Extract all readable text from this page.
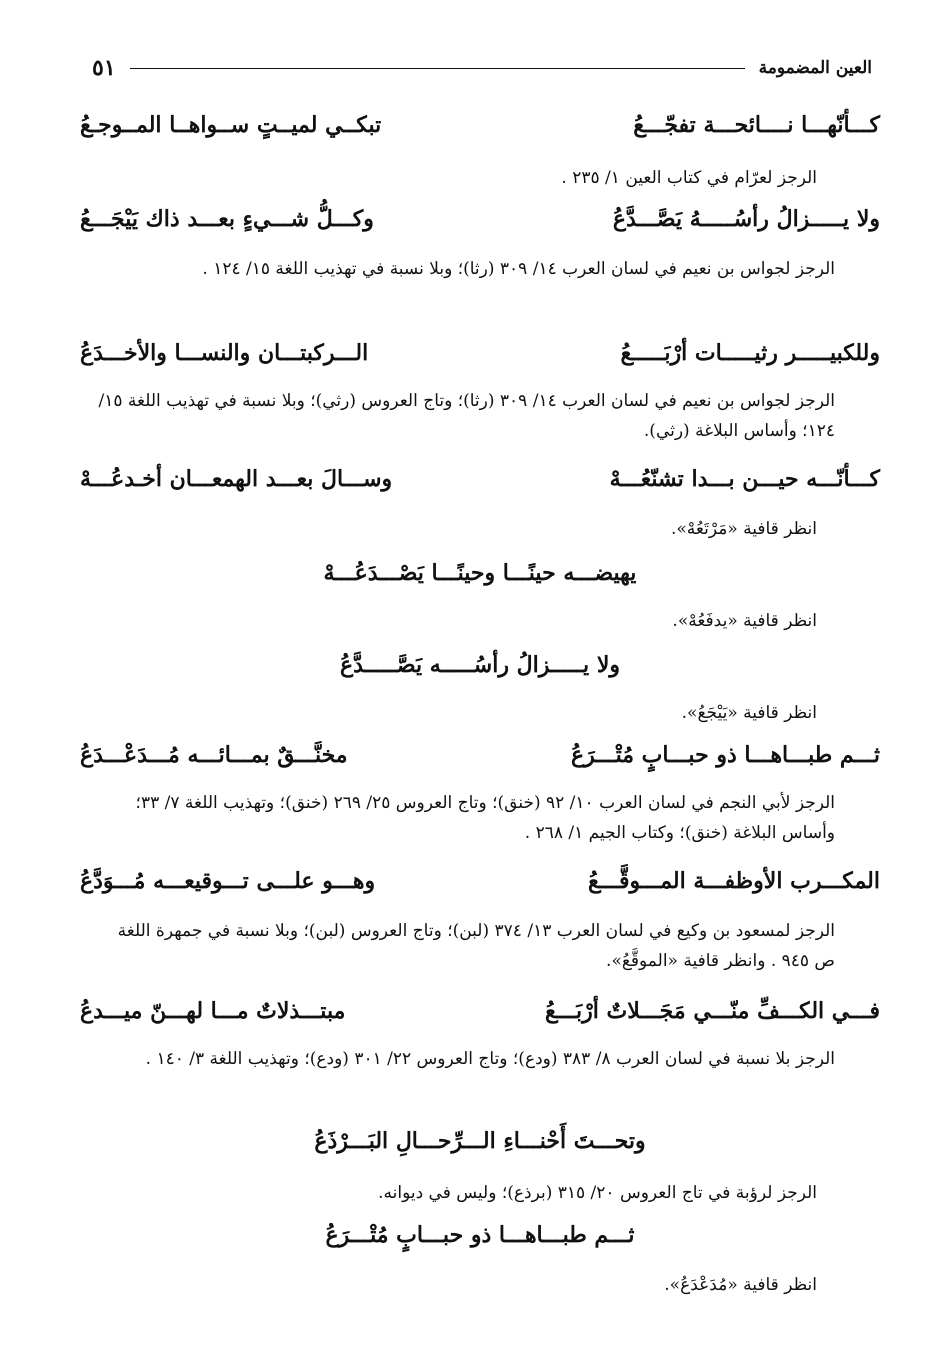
العين المضمومة
٥١
كـــأنّهـــا نــــائحـــة تفجّـــعُ
تبكــي لميــتٍ ســواهــا المــوجـعُ
الرجز لعرّام في كتاب العين ١/ ٢٣٥ .
ولا يـــــزالُ رأسُـــــهُ يَصَّـــدَّعُ
وكـــلُّ شـــيءٍ بعـــد ذاك يَيْجَـــعُ
الرجز لجواس بن نعيم في لسان العرب ١٤/ ٣٠٩ (رثا)؛ وبلا نسبة في تهذيب اللغة ١٥/ ١٢٤ .
وللكبيـــــر رثيـــــات أرْبَـــــعُ
الـــركبتـــان والنســـا والأخـــدَعُ
الرجز لجواس بن نعيم في لسان العرب ١٤/ ٣٠٩ (رثا)؛ وتاج العروس (رثي)؛ وبلا نسبة في تهذيب اللغة ١٥/ ١٢٤؛ وأساس البلاغة (رثي).
كـــأنّـــه حيـــن بـــدا تشنّعُـــهْ
وســـالَ بعـــد الهمعـــان أخـدعُـــهْ
انظر قافية «مَرْتَعُهْ».
يهيضـــه حينًـــا وحينًـــا يَصْـــدَعُـــهْ
انظر قافية «يدفَعُهْ».
ولا يـــــزالُ رأسُـــــه يَصَّـــــدَّعُ
انظر قافية «يَيْجَعُ».
ثـــم طبـــاهـــا ذو حبـــابٍ مُتْـــرَعُ
مخنَّـــقٌ بمـــائـــه مُـــدَعْـــدَعُ
الرجز لأبي النجم في لسان العرب ١٠/ ٩٢ (خنق)؛ وتاج العروس ٢٥/ ٢٦٩ (خنق)؛ وتهذيب اللغة ٧/ ٣٣؛ وأساس البلاغة (خنق)؛ وكتاب الجيم ١/ ٢٦٨ .
المكـــرب الأوظفـــة المـــوقَّـــعُ
وهـــو علـــى تـــوقيعـــه مُـــوَدَّعُ
الرجز لمسعود بن وكيع في لسان العرب ١٣/ ٣٧٤ (لبن)؛ وتاج العروس (لبن)؛ وبلا نسبة في جمهرة اللغة ص ٩٤٥ . وانظر قافية «الموقَّعُ».
فـــي الكـــفِّ منّـــي مَجَـــلاتٌ أرْبَـــعُ
مبتـــذلاتٌ مـــا لهـــنّ ميـــدعُ
الرجز بلا نسبة في لسان العرب ٨/ ٣٨٣ (ودع)؛ وتاج العروس ٢٢/ ٣٠١ (ودع)؛ وتهذيب اللغة ٣/ ١٤٠ .
وتحـــتَ أَحْنـــاءِ الـــرِّحـــالِ البَـــرْذَعُ
الرجز لرؤبة في تاج العروس ٢٠/ ٣١٥ (برذع)؛ وليس في ديوانه.
ثـــم طبـــاهـــا ذو حبـــابٍ مُتْـــرَعُ
انظر قافية «مُدَعْدَعُ».
